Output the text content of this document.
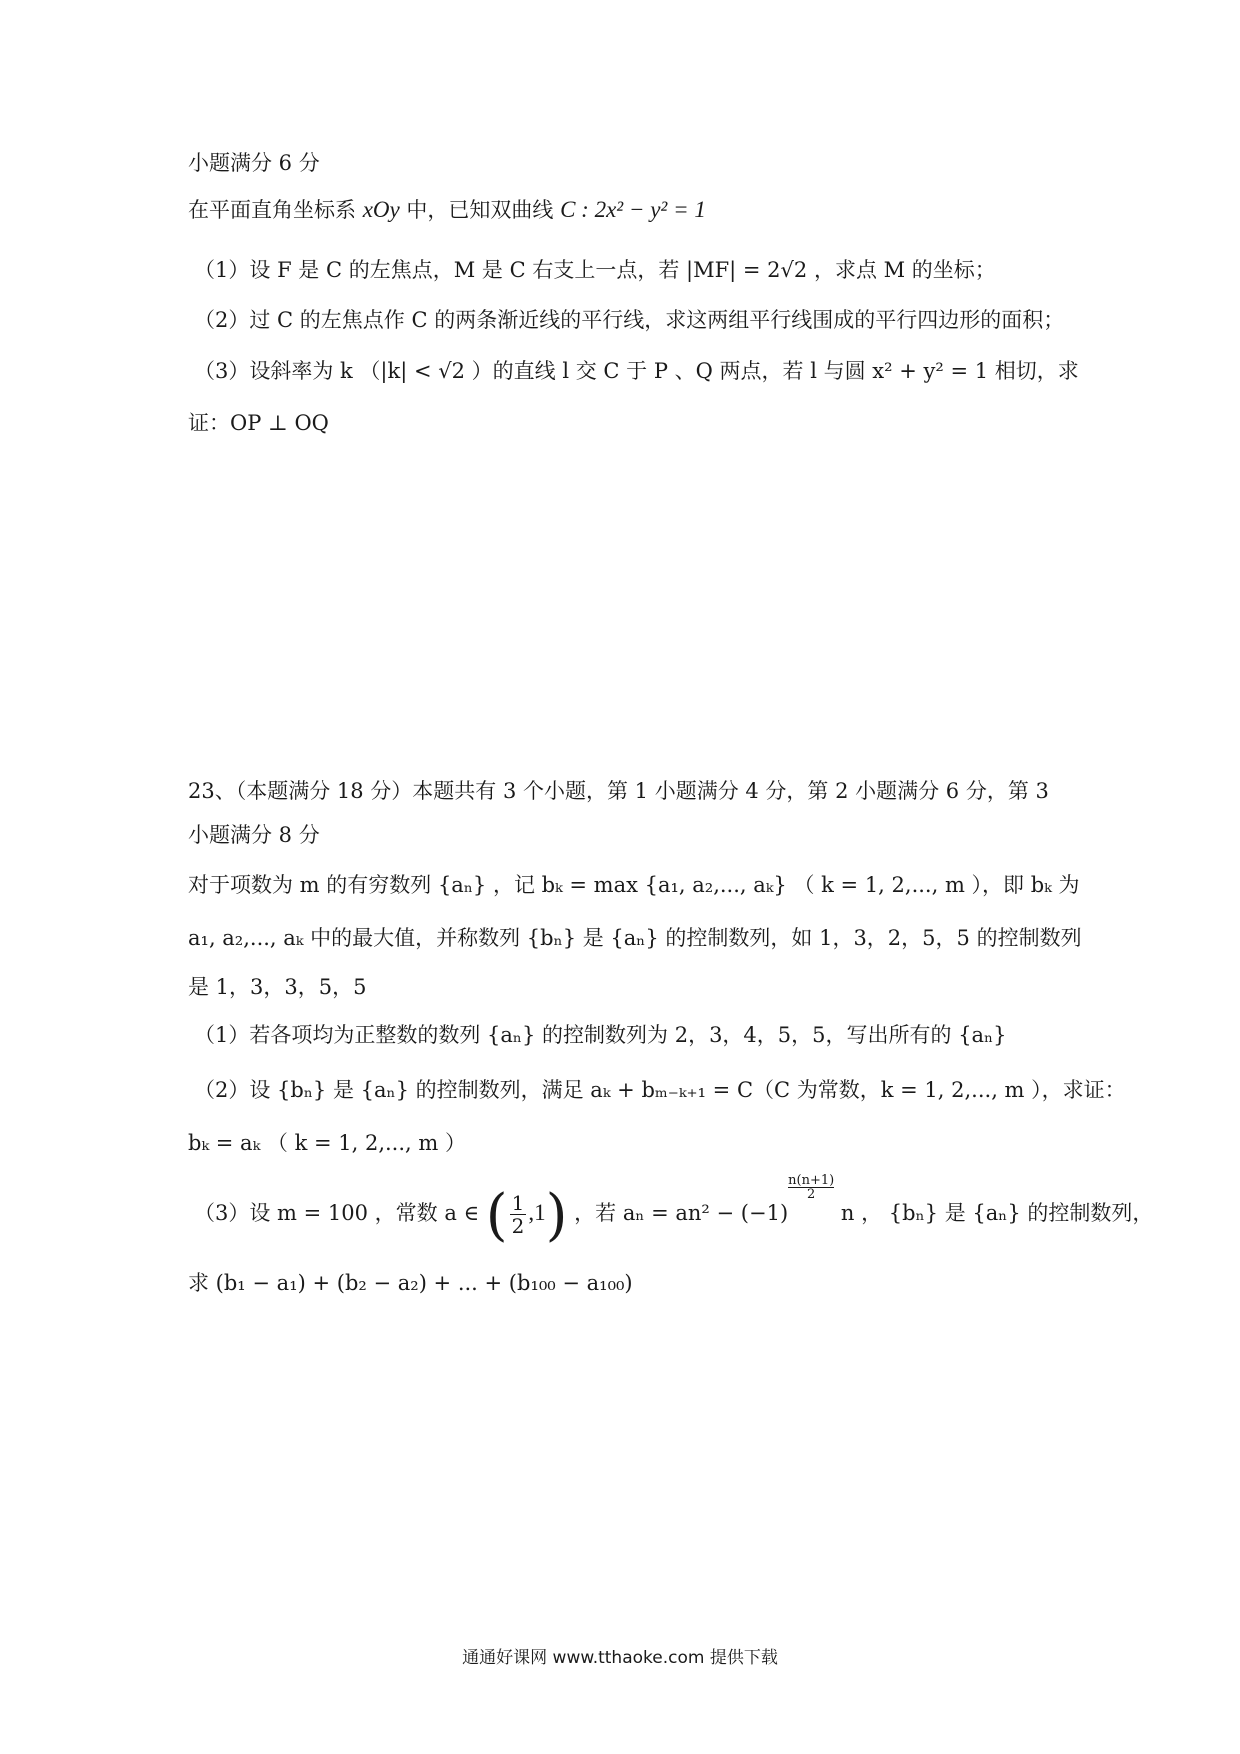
小题满分 6 分
在平面直角坐标系 xOy 中，已知双曲线 C : 2x² − y² = 1
（1）设 F 是 C 的左焦点，M 是 C 右支上一点，若 |MF| = 2√2 ，求点 M 的坐标；
（2）过 C 的左焦点作 C 的两条渐近线的平行线，求这两组平行线围成的平行四边形的面积；
（3）设斜率为 k （|k| < √2 ）的直线 l 交 C 于 P 、Q 两点，若 l 与圆 x² + y² = 1 相切，求
证：OP ⊥ OQ
23、（本题满分 18 分）本题共有 3 个小题，第 1 小题满分 4 分，第 2 小题满分 6 分，第 3
小题满分 8 分
对于项数为 m 的有穷数列 {aₙ} ，记 bₖ = max {a₁, a₂,..., aₖ} （ k = 1, 2,..., m ），即 bₖ 为
a₁, a₂,..., aₖ 中的最大值，并称数列 {bₙ} 是 {aₙ} 的控制数列，如 1，3，2，5，5 的控制数列
是 1，3，3，5，5
（1）若各项均为正整数的数列 {aₙ} 的控制数列为 2，3，4，5，5，写出所有的 {aₙ}
（2）设 {bₙ} 是 {aₙ} 的控制数列，满足 aₖ + bₘ₋ₖ₊₁ = C（C 为常数，k = 1, 2,..., m ），求证：
bₖ = aₖ （ k = 1, 2,..., m ）
（3）设 m = 100 ，常数 a ∈ ( $\frac{1}{2} ,1$) ，若 aₙ = an² − (−1)
$\frac{n(n+1)}{2}$
n ， {bₙ} 是 {aₙ} 的控制数列，
求 (b₁ − a₁) + (b₂ − a₂) + ... + (b₁₀₀ − a₁₀₀)
通通好课网 www.tthaoke.com 提供下载
